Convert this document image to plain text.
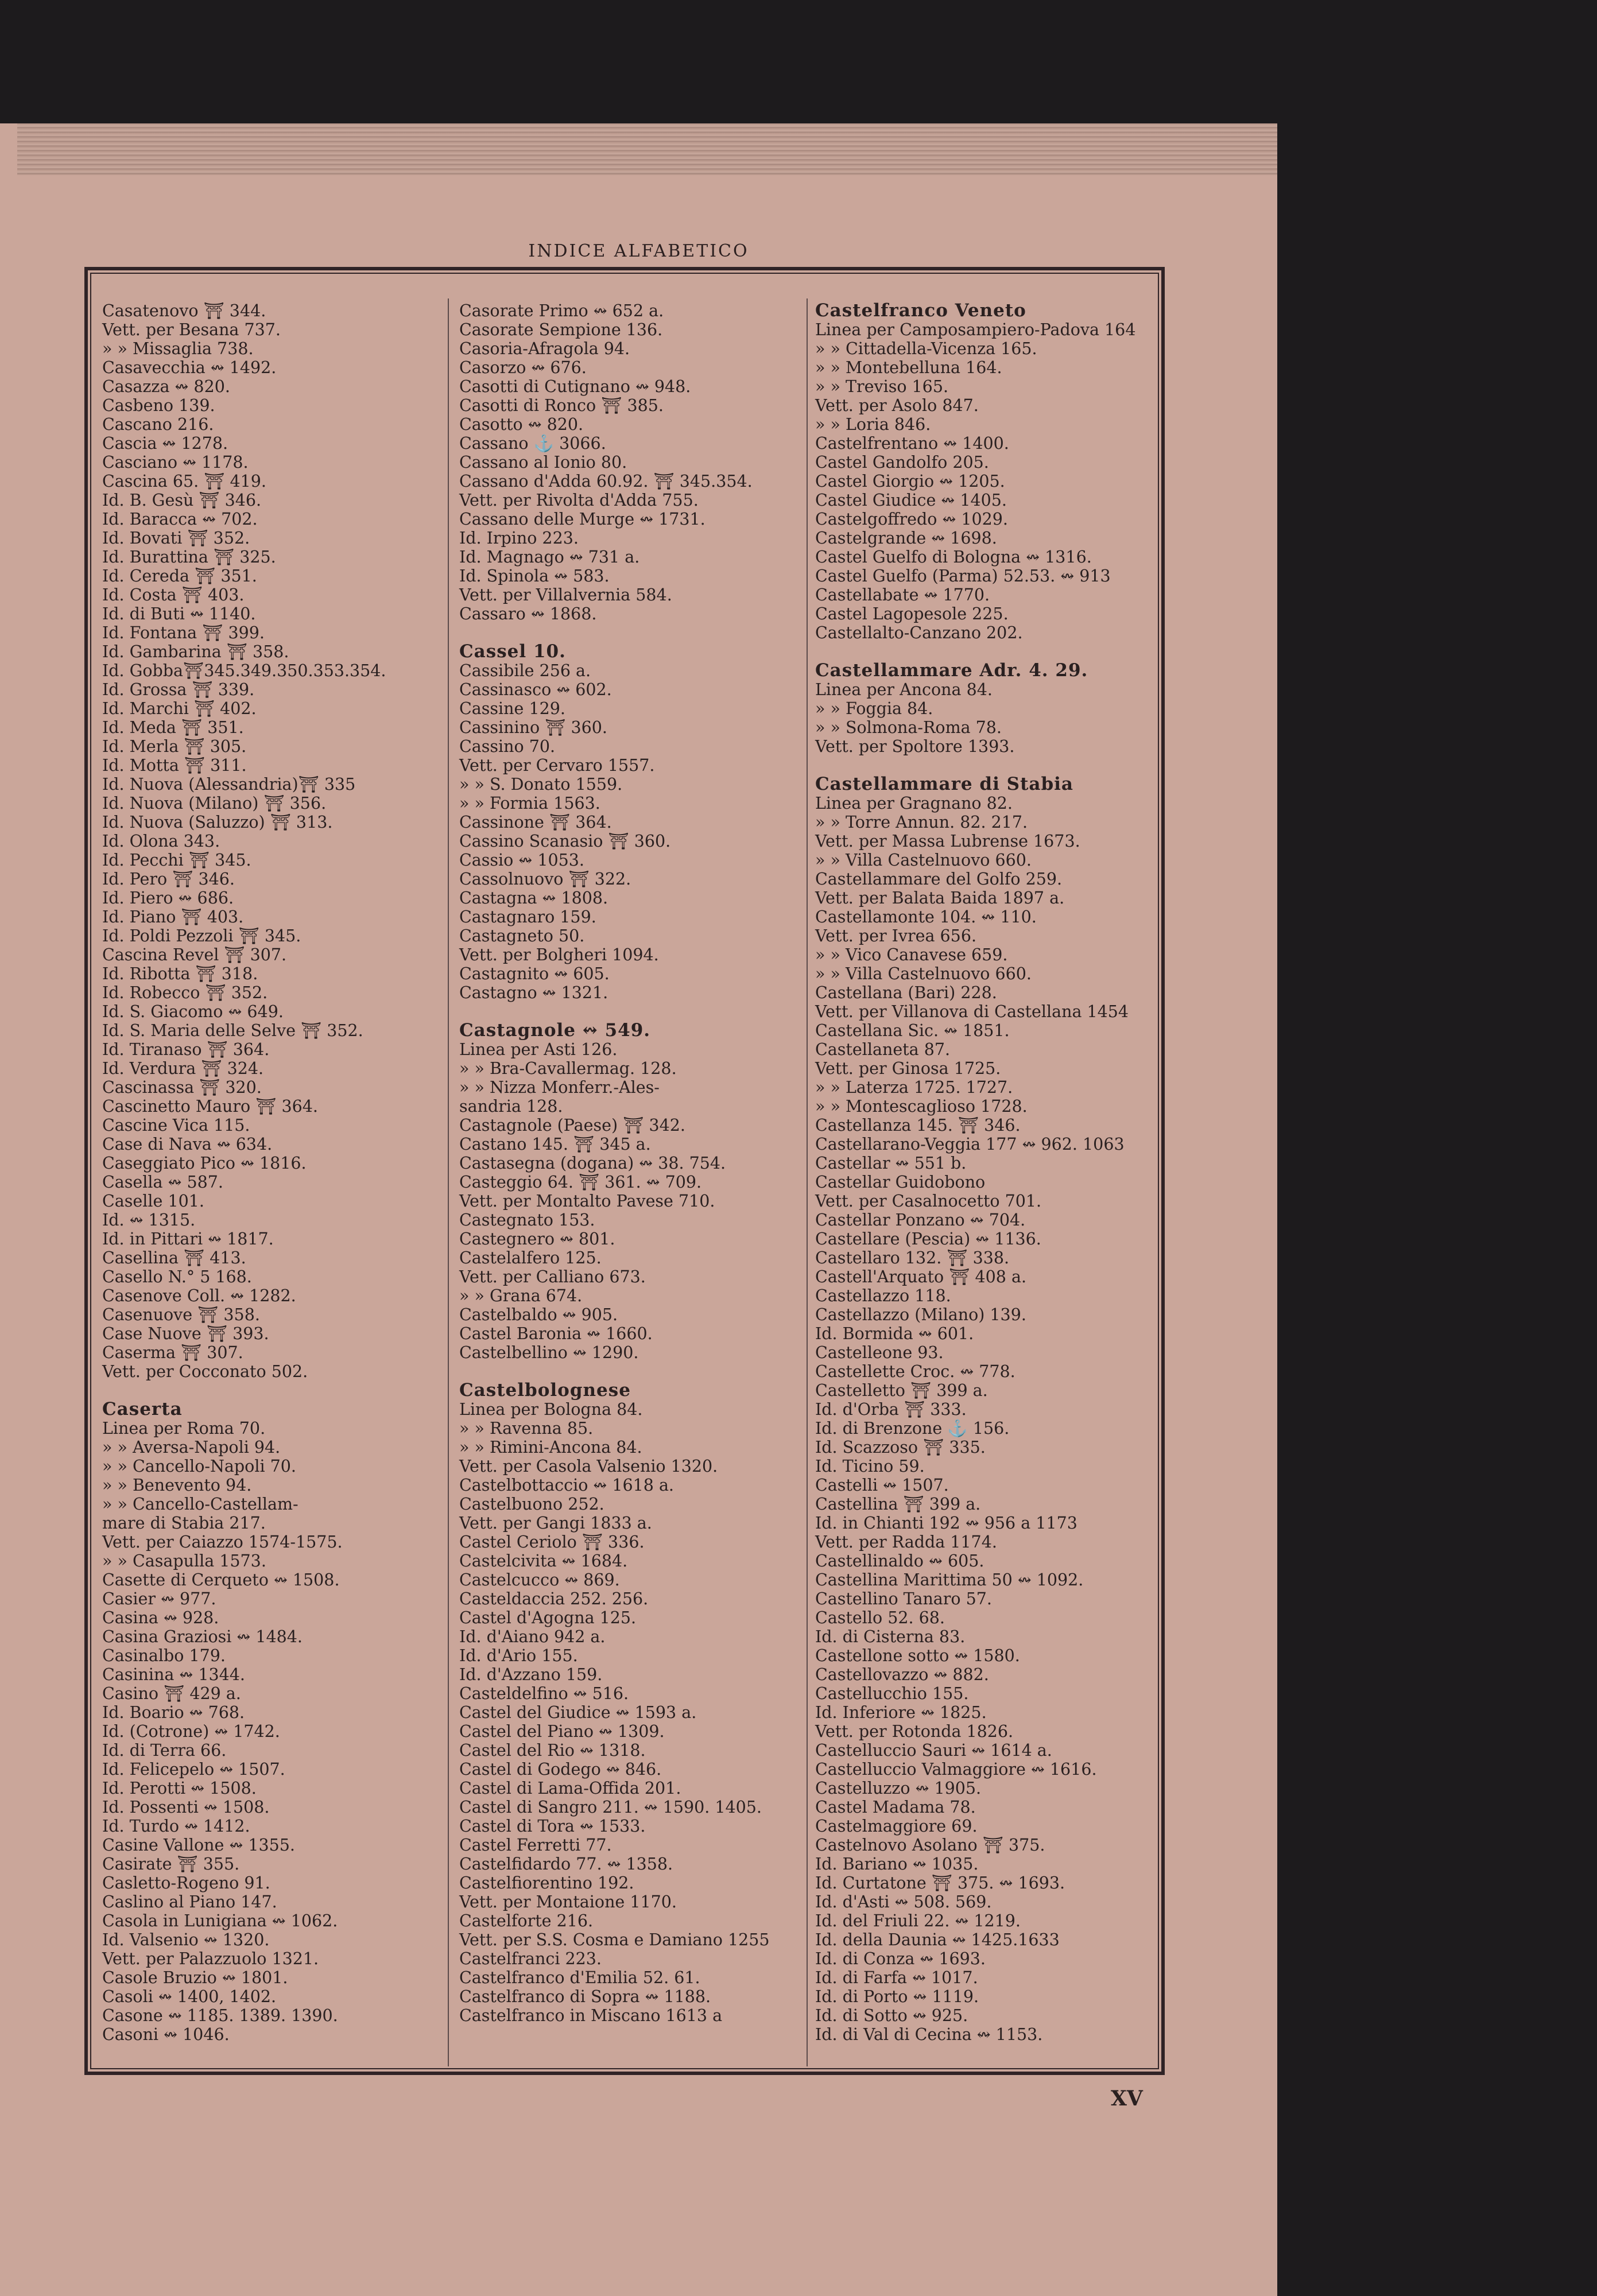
INDICE ALFABETICO
Casatenovo ⛩ 344.
Vett. per Besana 737.
» » Missaglia 738.
Casavecchia ↭ 1492.
Casazza ↭ 820.
Casbeno 139.
Cascano 216.
Cascia ↭ 1278.
Casciano ↭ 1178.
Cascina 65. ⛩ 419.
Id. B. Gesù ⛩ 346.
Id. Baracca ↭ 702.
Id. Bovati ⛩ 352.
Id. Burattina ⛩ 325.
Id. Cereda ⛩ 351.
Id. Costa ⛩ 403.
Id. di Buti ↭ 1140.
Id. Fontana ⛩ 399.
Id. Gambarina ⛩ 358.
Id. Gobba⛩345.349.350.353.354.
Id. Grossa ⛩ 339.
Id. Marchi ⛩ 402.
Id. Meda ⛩ 351.
Id. Merla ⛩ 305.
Id. Motta ⛩ 311.
Id. Nuova (Alessandria)⛩ 335
Id. Nuova (Milano) ⛩ 356.
Id. Nuova (Saluzzo) ⛩ 313.
Id. Olona 343.
Id. Pecchi ⛩ 345.
Id. Pero ⛩ 346.
Id. Piero ↭ 686.
Id. Piano ⛩ 403.
Id. Poldi Pezzoli ⛩ 345.
Cascina Revel ⛩ 307.
Id. Ribotta ⛩ 318.
Id. Robecco ⛩ 352.
Id. S. Giacomo ↭ 649.
Id. S. Maria delle Selve ⛩ 352.
Id. Tiranaso ⛩ 364.
Id. Verdura ⛩ 324.
Cascinassa ⛩ 320.
Cascinetto Mauro ⛩ 364.
Cascine Vica 115.
Case di Nava ↭ 634.
Caseggiato Pico ↭ 1816.
Casella ↭ 587.
Caselle 101.
Id. ↭ 1315.
Id. in Pittari ↭ 1817.
Casellina ⛩ 413.
Casello N.° 5 168.
Casenove Coll. ↭ 1282.
Casenuove ⛩ 358.
Case Nuove ⛩ 393.
Caserma ⛩ 307.
Vett. per Cocconato 502.
Caserta
Linea per Roma 70.
» » Aversa-Napoli 94.
» » Cancello-Napoli 70.
» » Benevento 94.
» » Cancello-Castellam-
mare di Stabia 217.
Vett. per Caiazzo 1574-1575.
» » Casapulla 1573.
Casette di Cerqueto ↭ 1508.
Casier ↭ 977.
Casina ↭ 928.
Casina Graziosi ↭ 1484.
Casinalbo 179.
Casinina ↭ 1344.
Casino ⛩ 429 a.
Id. Boario ↭ 768.
Id. (Cotrone) ↭ 1742.
Id. di Terra 66.
Id. Felicepelo ↭ 1507.
Id. Perotti ↭ 1508.
Id. Possenti ↭ 1508.
Id. Turdo ↭ 1412.
Casine Vallone ↭ 1355.
Casirate ⛩ 355.
Casletto-Rogeno 91.
Caslino al Piano 147.
Casola in Lunigiana ↭ 1062.
Id. Valsenio ↭ 1320.
Vett. per Palazzuolo 1321.
Casole Bruzio ↭ 1801.
Casoli ↭ 1400, 1402.
Casone ↭ 1185. 1389. 1390.
Casoni ↭ 1046.
Casorate Primo ↭ 652 a.
Casorate Sempione 136.
Casoria-Afragola 94.
Casorzo ↭ 676.
Casotti di Cutignano ↭ 948.
Casotti di Ronco ⛩ 385.
Casotto ↭ 820.
Cassano ⚓ 3066.
Cassano al Ionio 80.
Cassano d'Adda 60.92. ⛩ 345.354.
Vett. per Rivolta d'Adda 755.
Cassano delle Murge ↭ 1731.
Id. Irpino 223.
Id. Magnago ↭ 731 a.
Id. Spinola ↭ 583.
Vett. per Villalvernia 584.
Cassaro ↭ 1868.
Cassel 10.
Cassibile 256 a.
Cassinasco ↭ 602.
Cassine 129.
Cassinino ⛩ 360.
Cassino 70.
Vett. per Cervaro 1557.
» » S. Donato 1559.
» » Formia 1563.
Cassinone ⛩ 364.
Cassino Scanasio ⛩ 360.
Cassio ↭ 1053.
Cassolnuovo ⛩ 322.
Castagna ↭ 1808.
Castagnaro 159.
Castagneto 50.
Vett. per Bolgheri 1094.
Castagnito ↭ 605.
Castagno ↭ 1321.
Castagnole ↭ 549.
Linea per Asti 126.
» » Bra-Cavallermag. 128.
» » Nizza Monferr.-Ales-
sandria 128.
Castagnole (Paese) ⛩ 342.
Castano 145. ⛩ 345 a.
Castasegna (dogana) ↭ 38. 754.
Casteggio 64. ⛩ 361. ↭ 709.
Vett. per Montalto Pavese 710.
Castegnato 153.
Castegnero ↭ 801.
Castelalfero 125.
Vett. per Calliano 673.
» » Grana 674.
Castelbaldo ↭ 905.
Castel Baronia ↭ 1660.
Castelbellino ↭ 1290.
Castelbolognese
Linea per Bologna 84.
» » Ravenna 85.
» » Rimini-Ancona 84.
Vett. per Casola Valsenio 1320.
Castelbottaccio ↭ 1618 a.
Castelbuono 252.
Vett. per Gangi 1833 a.
Castel Ceriolo ⛩ 336.
Castelcivita ↭ 1684.
Castelcucco ↭ 869.
Casteldaccia 252. 256.
Castel d'Agogna 125.
Id. d'Aiano 942 a.
Id. d'Ario 155.
Id. d'Azzano 159.
Casteldelfino ↭ 516.
Castel del Giudice ↭ 1593 a.
Castel del Piano ↭ 1309.
Castel del Rio ↭ 1318.
Castel di Godego ↭ 846.
Castel di Lama-Offida 201.
Castel di Sangro 211. ↭ 1590. 1405.
Castel di Tora ↭ 1533.
Castel Ferretti 77.
Castelfidardo 77. ↭ 1358.
Castelfiorentino 192.
Vett. per Montaione 1170.
Castelforte 216.
Vett. per S.S. Cosma e Damiano 1255
Castelfranci 223.
Castelfranco d'Emilia 52. 61.
Castelfranco di Sopra ↭ 1188.
Castelfranco in Miscano 1613 a
Castelfranco Veneto
Linea per Camposampiero-Padova 164
» » Cittadella-Vicenza 165.
» » Montebelluna 164.
» » Treviso 165.
Vett. per Asolo 847.
» » Loria 846.
Castelfrentano ↭ 1400.
Castel Gandolfo 205.
Castel Giorgio ↭ 1205.
Castel Giudice ↭ 1405.
Castelgoffredo ↭ 1029.
Castelgrande ↭ 1698.
Castel Guelfo di Bologna ↭ 1316.
Castel Guelfo (Parma) 52.53. ↭ 913
Castellabate ↭ 1770.
Castel Lagopesole 225.
Castellalto-Canzano 202.
Castellammare Adr. 4. 29.
Linea per Ancona 84.
» » Foggia 84.
» » Solmona-Roma 78.
Vett. per Spoltore 1393.
Castellammare di Stabia
Linea per Gragnano 82.
» » Torre Annun. 82. 217.
Vett. per Massa Lubrense 1673.
» » Villa Castelnuovo 660.
Castellammare del Golfo 259.
Vett. per Balata Baida 1897 a.
Castellamonte 104. ↭ 110.
Vett. per Ivrea 656.
» » Vico Canavese 659.
» » Villa Castelnuovo 660.
Castellana (Bari) 228.
Vett. per Villanova di Castellana 1454
Castellana Sic. ↭ 1851.
Castellaneta 87.
Vett. per Ginosa 1725.
» » Laterza 1725. 1727.
» » Montescaglioso 1728.
Castellanza 145. ⛩ 346.
Castellarano-Veggia 177 ↭ 962. 1063
Castellar ↭ 551 b.
Castellar Guidobono
Vett. per Casalnocetto 701.
Castellar Ponzano ↭ 704.
Castellare (Pescia) ↭ 1136.
Castellaro 132. ⛩ 338.
Castell'Arquato ⛩ 408 a.
Castellazzo 118.
Castellazzo (Milano) 139.
Id. Bormida ↭ 601.
Castelleone 93.
Castellette Croc. ↭ 778.
Castelletto ⛩ 399 a.
Id. d'Orba ⛩ 333.
Id. di Brenzone ⚓ 156.
Id. Scazzoso ⛩ 335.
Id. Ticino 59.
Castelli ↭ 1507.
Castellina ⛩ 399 a.
Id. in Chianti 192 ↭ 956 a 1173
Vett. per Radda 1174.
Castellinaldo ↭ 605.
Castellina Marittima 50 ↭ 1092.
Castellino Tanaro 57.
Castello 52. 68.
Id. di Cisterna 83.
Castellone sotto ↭ 1580.
Castellovazzo ↭ 882.
Castellucchio 155.
Id. Inferiore ↭ 1825.
Vett. per Rotonda 1826.
Castelluccio Sauri ↭ 1614 a.
Castelluccio Valmaggiore ↭ 1616.
Castelluzzo ↭ 1905.
Castel Madama 78.
Castelmaggiore 69.
Castelnovo Asolano ⛩ 375.
Id. Bariano ↭ 1035.
Id. Curtatone ⛩ 375. ↭ 1693.
Id. d'Asti ↭ 508. 569.
Id. del Friuli 22. ↭ 1219.
Id. della Daunia ↭ 1425.1633
Id. di Conza ↭ 1693.
Id. di Farfa ↭ 1017.
Id. di Porto ↭ 1119.
Id. di Sotto ↭ 925.
Id. di Val di Cecina ↭ 1153.
XV
